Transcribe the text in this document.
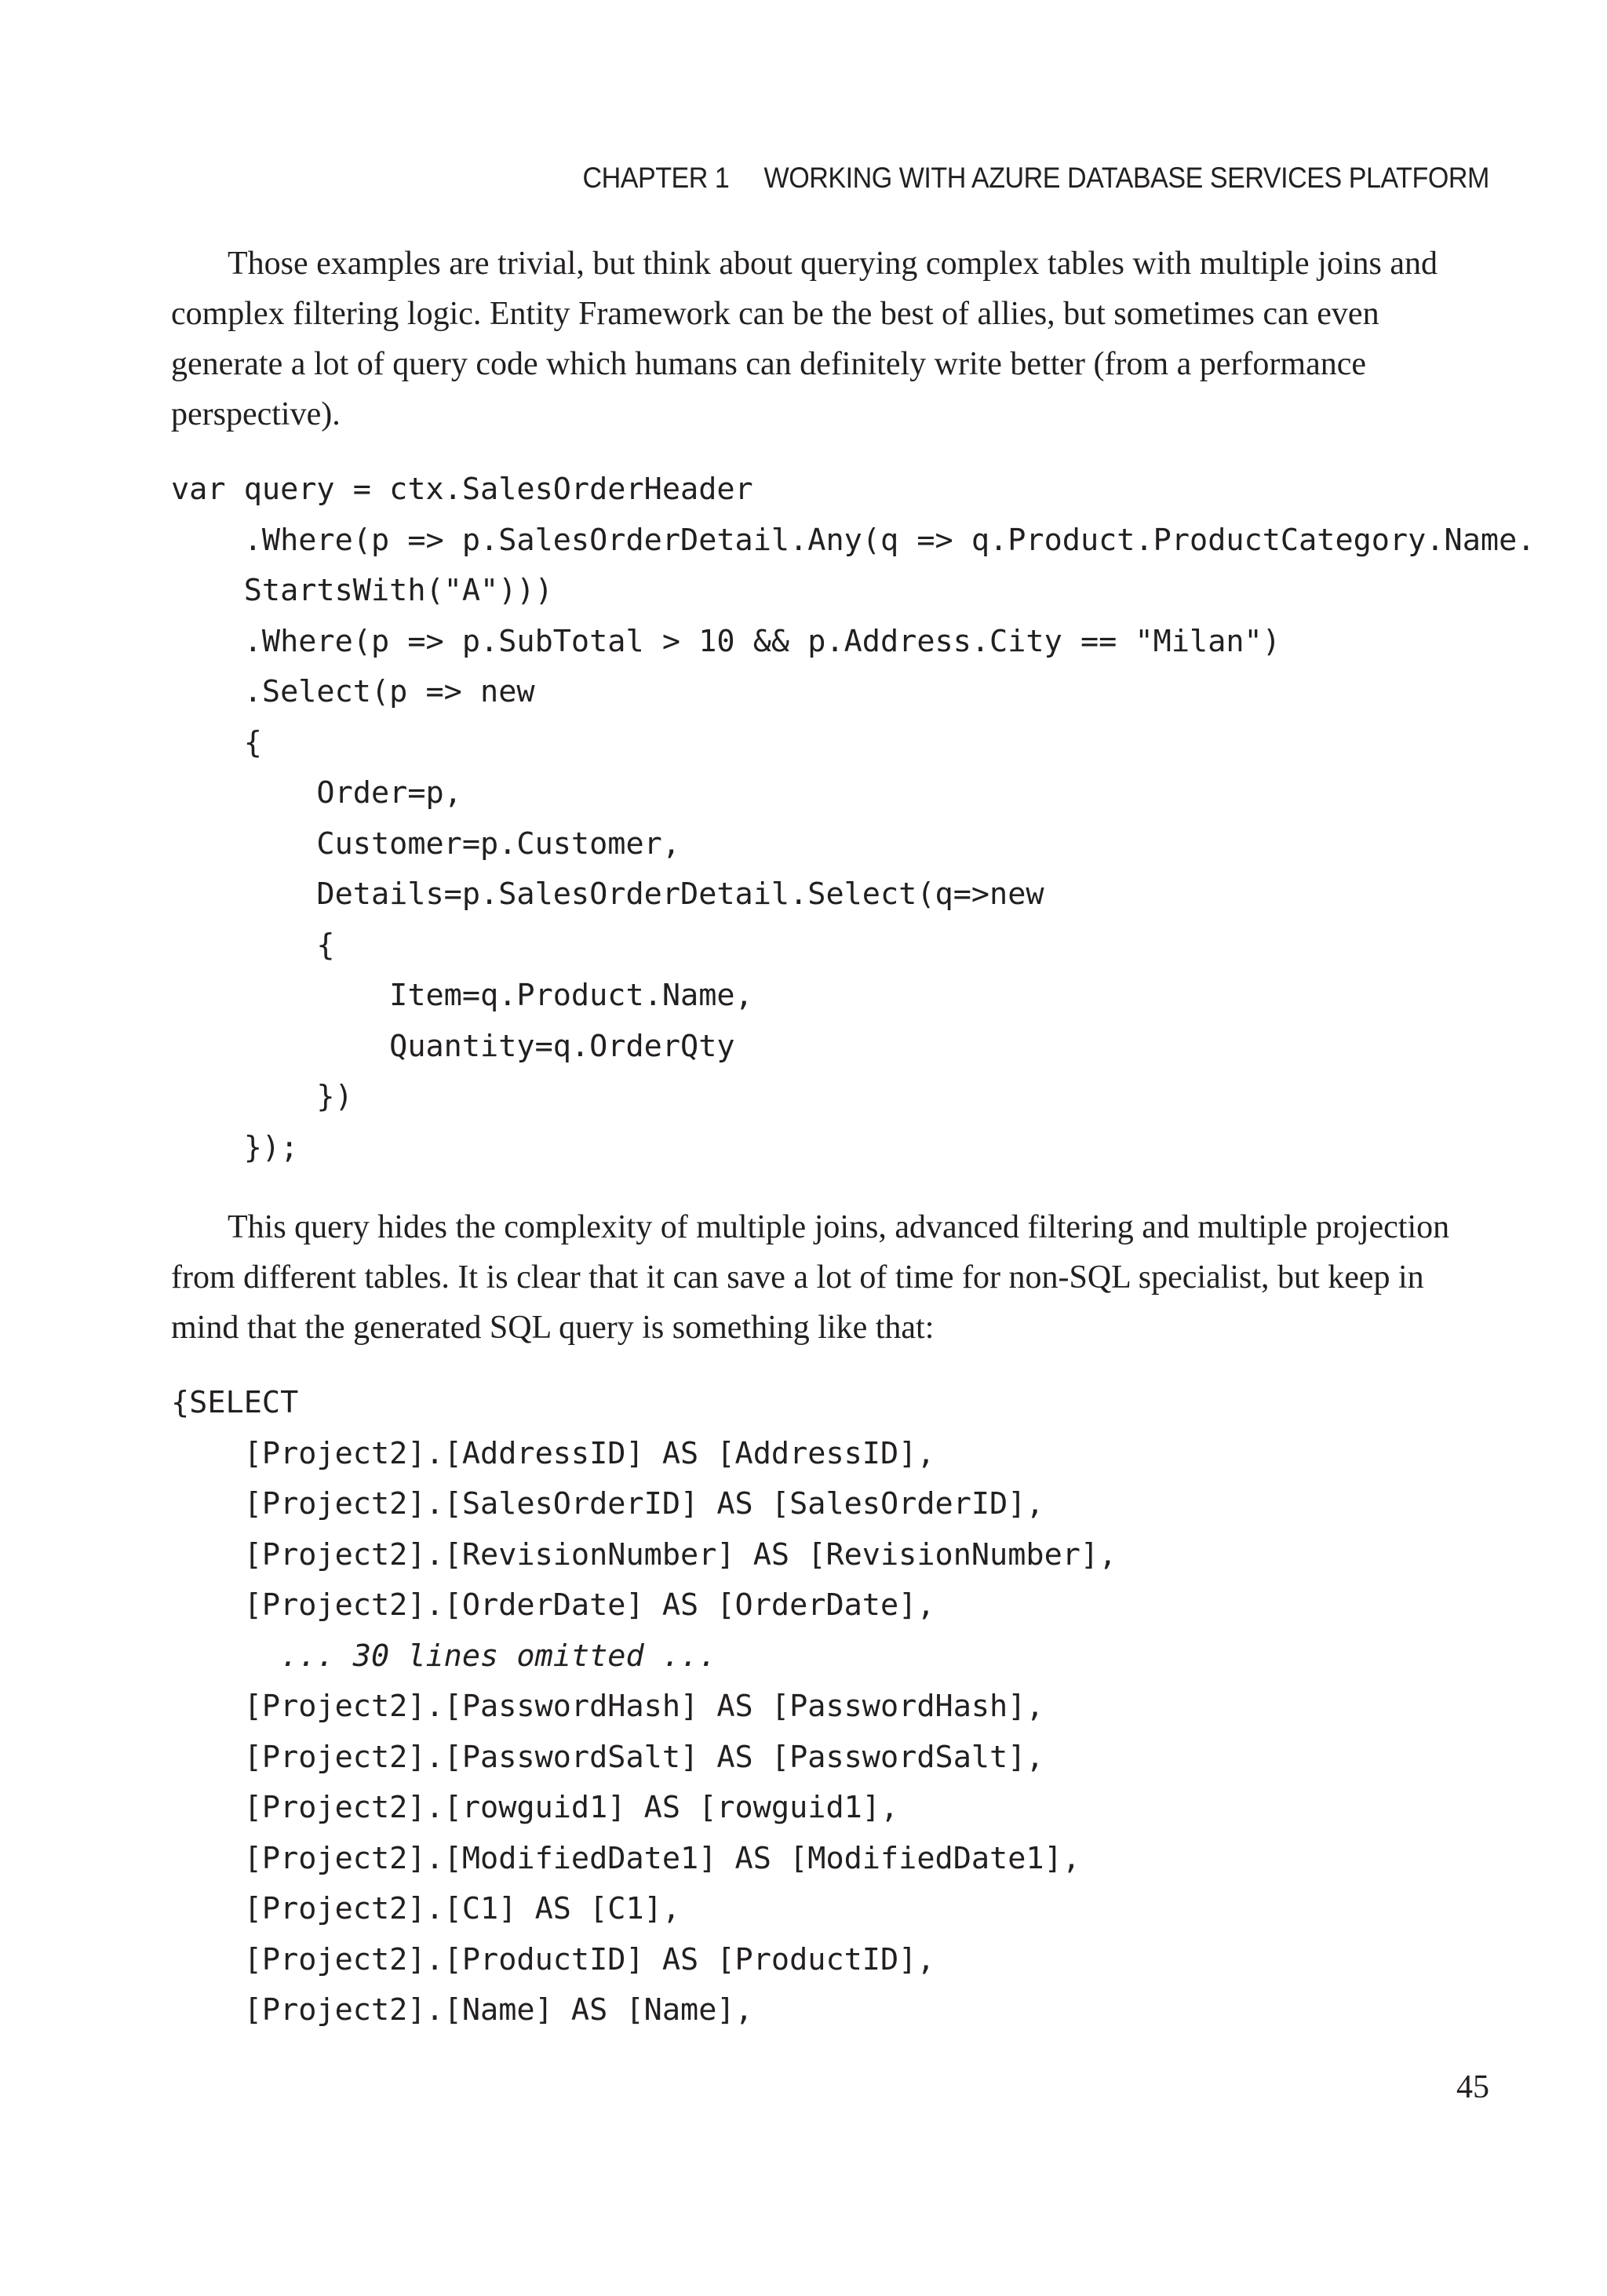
CHAPTER 1 WORKING WITH AZURE DATABASE SERVICES PLATFORM

Those examples are trivial, but think about querying complex tables with multiple joins and complex filtering logic. Entity Framework can be the best of allies, but sometimes can even generate a lot of query code which humans can definitely write better (from a performance perspective).

var query = ctx.SalesOrderHeader
.Where(p => p.SalesOrderDetail.Any(q => q.Product.ProductCategory.Name.
StartsWith("A")))
.Where(p => p.SubTotal > 10 && p.Address.City == "Milan")
.Select(p => new
{
Order=p,
Customer=p.Customer,
Details=p.SalesOrderDetail.Select(q=>new
{
Item=q.Product.Name,
Quantity=q.OrderQty
})
});

This query hides the complexity of multiple joins, advanced filtering and multiple projection from different tables. It is clear that it can save a lot of time for non-SQL specialist, but keep in mind that the generated SQL query is something like that:

{SELECT
[Project2].[AddressID] AS [AddressID],
[Project2].[SalesOrderID] AS [SalesOrderID],
[Project2].[RevisionNumber] AS [RevisionNumber],
[Project2].[OrderDate] AS [OrderDate],
... 30 lines omitted ...
[Project2].[PasswordHash] AS [PasswordHash],
[Project2].[PasswordSalt] AS [PasswordSalt],
[Project2].[rowguid1] AS [rowguid1],
[Project2].[ModifiedDate1] AS [ModifiedDate1],
[Project2].[C1] AS [C1],
[Project2].[ProductID] AS [ProductID],
[Project2].[Name] AS [Name],
45
